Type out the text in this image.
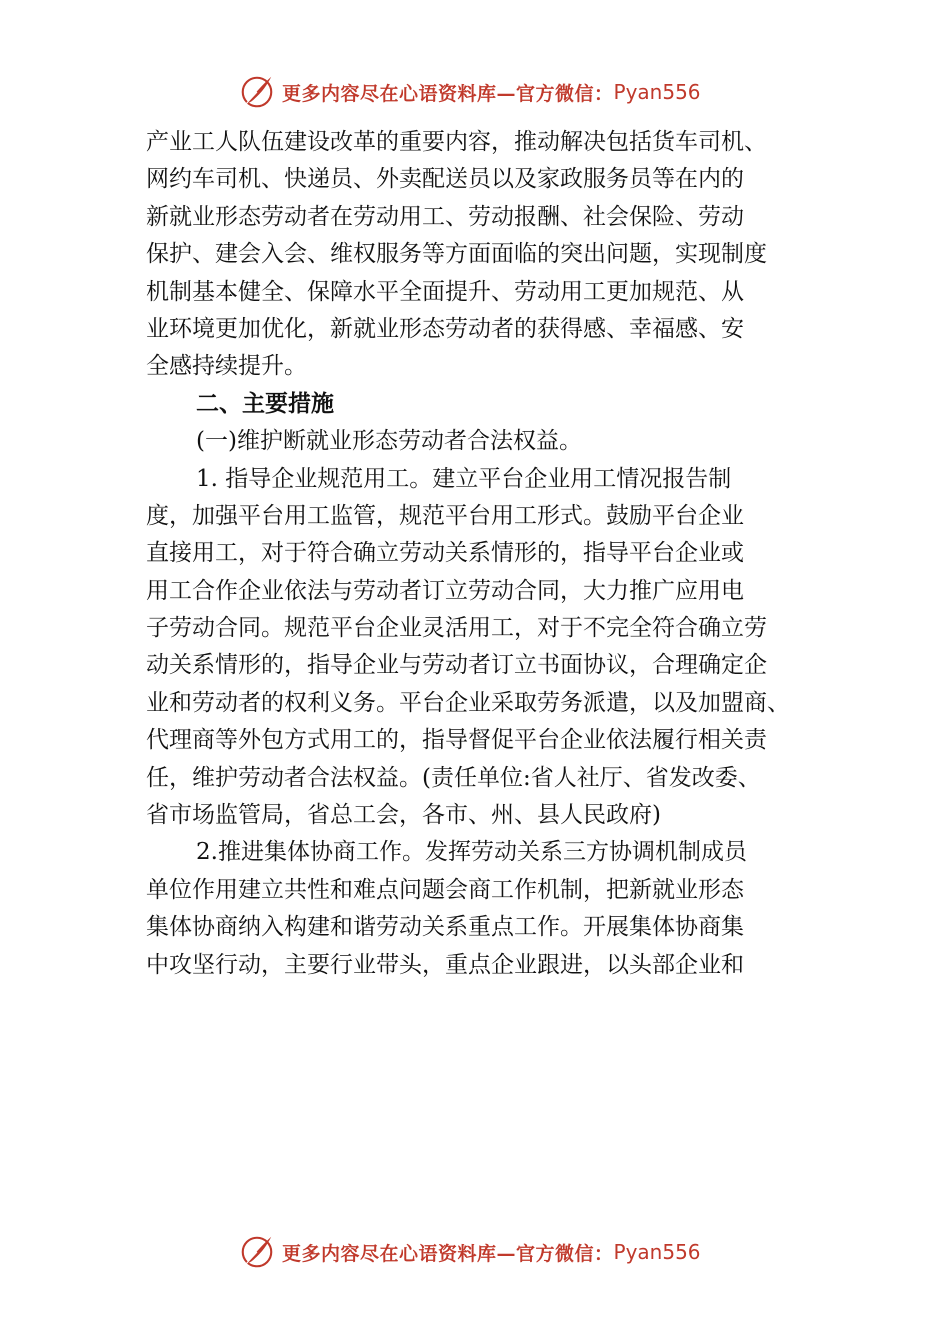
更多内容尽在心语资料库—官方微信： Pyan556
产业工人队伍建设改革的重要内容，推动解决包括货车司机、
网约车司机、快递员、外卖配送员以及家政服务员等在内的
新就业形态劳动者在劳动用工、劳动报酬、社会保险、劳动
保护、建会入会、维权服务等方面面临的突出问题，实现制度
机制基本健全、保障水平全面提升、劳动用工更加规范、从
业环境更加优化，新就业形态劳动者的获得感、幸福感、安
全感持续提升。
二、主要措施
(一)维护断就业形态劳动者合法权益。
1. 指导企业规范用工。建立平台企业用工情况报告制
度，加强平台用工监管，规范平台用工形式。鼓励平台企业
直接用工，对于符合确立劳动关系情形的，指导平台企业或
用工合作企业依法与劳动者订立劳动合同，大力推广应用电
子劳动合同。规范平台企业灵活用工，对于不完全符合确立劳
动关系情形的，指导企业与劳动者订立书面协议，合理确定企
业和劳动者的权利义务。平台企业采取劳务派遣，以及加盟商、
代理商等外包方式用工的，指导督促平台企业依法履行相关责
任，维护劳动者合法权益。(责任单位:省人社厅、省发改委、
省市场监管局，省总工会，各市、州、县人民政府)
2.推进集体协商工作。发挥劳动关系三方协调机制成员
单位作用建立共性和难点问题会商工作机制，把新就业形态
集体协商纳入构建和谐劳动关系重点工作。开展集体协商集
中攻坚行动，主要行业带头，重点企业跟进，以头部企业和
更多内容尽在心语资料库—官方微信： Pyan556
